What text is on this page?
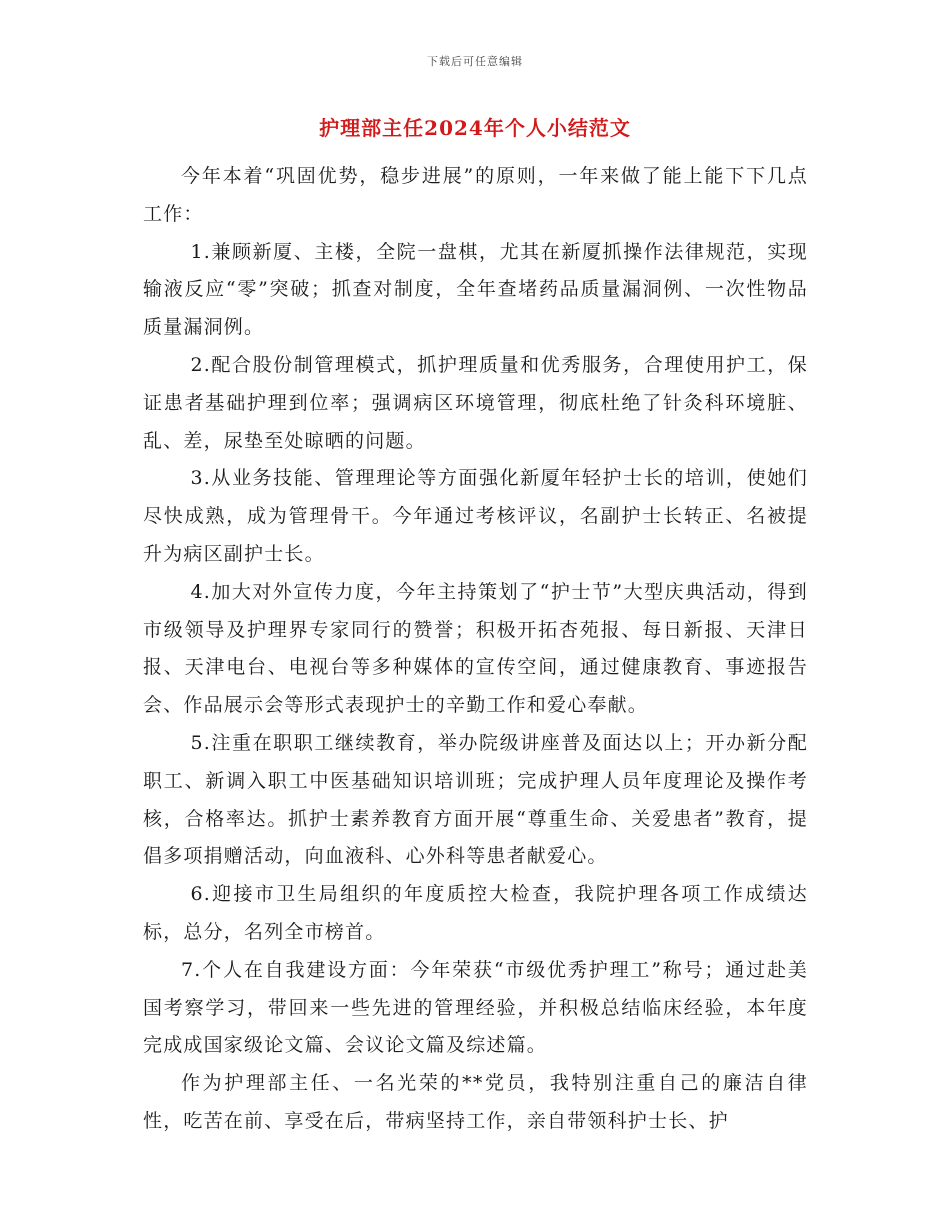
下载后可任意编辑
护理部主任2024年个人小结范文

今年本着“巩固优势，稳步进展”的原则，一年来做了能上能下下几点工作：

1.兼顾新厦、主楼，全院一盘棋，尤其在新厦抓操作法律规范，实现输液反应“零”突破；抓查对制度，全年查堵药品质量漏洞例、一次性物品质量漏洞例。

2.配合股份制管理模式，抓护理质量和优秀服务，合理使用护工，保证患者基础护理到位率；强调病区环境管理，彻底杜绝了针灸科环境脏、乱、差，尿垫至处晾晒的问题。

3.从业务技能、管理理论等方面强化新厦年轻护士长的培训，使她们尽快成熟，成为管理骨干。今年通过考核评议，名副护士长转正、名被提升为病区副护士长。

4.加大对外宣传力度，今年主持策划了“护士节”大型庆典活动，得到市级领导及护理界专家同行的赞誉；积极开拓杏苑报、每日新报、天津日报、天津电台、电视台等多种媒体的宣传空间，通过健康教育、事迹报告会、作品展示会等形式表现护士的辛勤工作和爱心奉献。

5.注重在职职工继续教育，举办院级讲座普及面达以上；开办新分配职工、新调入职工中医基础知识培训班；完成护理人员年度理论及操作考核，合格率达。抓护士素养教育方面开展“尊重生命、关爱患者”教育，提倡多项捐赠活动，向血液科、心外科等患者献爱心。

6.迎接市卫生局组织的年度质控大检查，我院护理各项工作成绩达标，总分，名列全市榜首。

7.个人在自我建设方面：今年荣获“市级优秀护理工”称号；通过赴美国考察学习，带回来一些先进的管理经验，并积极总结临床经验，本年度完成成国家级论文篇、会议论文篇及综述篇。

作为护理部主任、一名光荣的**党员，我特别注重自己的廉洁自律性，吃苦在前、享受在后，带病坚持工作，亲自带领科护士长、护
